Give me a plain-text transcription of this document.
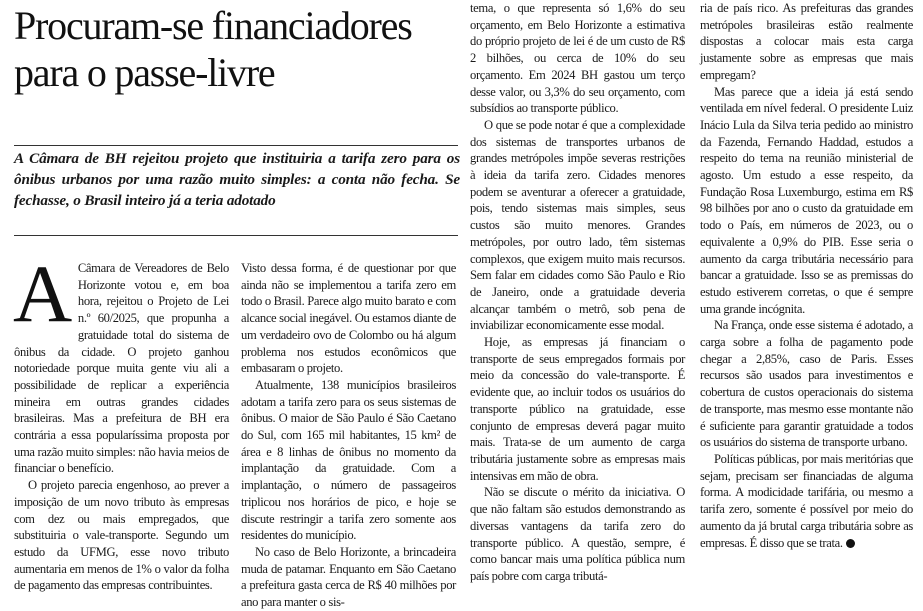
Procuram-se financiadores para o passe-livre

A Câmara de BH rejeitou projeto que instituiria a tarifa zero para os ônibus urbanos por uma razão muito simples: a conta não fecha. Se fechasse, o Brasil inteiro já a teria adotado

A Câmara de Vereadores de Belo Horizonte votou e, em boa hora, rejeitou o Projeto de Lei n.º 60/2025, que propunha a gratuidade total do sistema de ônibus da cidade. O projeto ganhou notoriedade porque muita gente viu ali a possibilidade de replicar a experiência mineira em outras grandes cidades brasileiras. Mas a prefeitura de BH era contrária a essa popularíssima proposta por uma razão muito simples: não havia meios de financiar o benefício.

O projeto parecia engenhoso, ao prever a imposição de um novo tributo às empresas com dez ou mais empregados, que substituiria o vale-transporte. Segundo um estudo da UFMG, esse novo tributo aumentaria em menos de 1% o valor da folha de pagamento das empresas contribuintes.

Visto dessa forma, é de questionar por que ainda não se implementou a tarifa zero em todo o Brasil. Parece algo muito barato e com alcance social inegável. Ou estamos diante de um verdadeiro ovo de Colombo ou há algum problema nos estudos econômicos que embasaram o projeto.

Atualmente, 138 municípios brasileiros adotam a tarifa zero para os seus sistemas de ônibus. O maior de São Paulo é São Caetano do Sul, com 165 mil habitantes, 15 km² de área e 8 linhas de ônibus no momento da implantação da gratuidade. Com a implantação, o número de passageiros triplicou nos horários de pico, e hoje se discute restringir a tarifa zero somente aos residentes do município.

No caso de Belo Horizonte, a brincadeira muda de patamar. Enquanto em São Caetano a prefeitura gasta cerca de R$ 40 milhões por ano para manter o sis-

tema, o que representa só 1,6% do seu orçamento, em Belo Horizonte a estimativa do próprio projeto de lei é de um custo de R$ 2 bilhões, ou cerca de 10% do seu orçamento. Em 2024 BH gastou um terço desse valor, ou 3,3% do seu orçamento, com subsídios ao transporte público.

O que se pode notar é que a complexidade dos sistemas de transportes urbanos de grandes metrópoles impõe severas restrições à ideia da tarifa zero. Cidades menores podem se aventurar a oferecer a gratuidade, pois, tendo sistemas mais simples, seus custos são muito menores. Grandes metrópoles, por outro lado, têm sistemas complexos, que exigem muito mais recursos. Sem falar em cidades como São Paulo e Rio de Janeiro, onde a gratuidade deveria alcançar também o metrô, sob pena de inviabilizar economicamente esse modal.

Hoje, as empresas já financiam o transporte de seus empregados formais por meio da concessão do vale-transporte. É evidente que, ao incluir todos os usuários do transporte público na gratuidade, esse conjunto de empresas deverá pagar muito mais. Trata-se de um aumento de carga tributária justamente sobre as empresas mais intensivas em mão de obra.

Não se discute o mérito da iniciativa. O que não faltam são estudos demonstrando as diversas vantagens da tarifa zero do transporte público. A questão, sempre, é como bancar mais uma política pública num país pobre com carga tributá-

ria de país rico. As prefeituras das grandes metrópoles brasileiras estão realmente dispostas a colocar mais esta carga justamente sobre as empresas que mais empregam?

Mas parece que a ideia já está sendo ventilada em nível federal. O presidente Luiz Inácio Lula da Silva teria pedido ao ministro da Fazenda, Fernando Haddad, estudos a respeito do tema na reunião ministerial de agosto. Um estudo a esse respeito, da Fundação Rosa Luxemburgo, estima em R$ 98 bilhões por ano o custo da gratuidade em todo o País, em números de 2023, ou o equivalente a 0,9% do PIB. Esse seria o aumento da carga tributária necessário para bancar a gratuidade. Isso se as premissas do estudo estiverem corretas, o que é sempre uma grande incógnita.

Na França, onde esse sistema é adotado, a carga sobre a folha de pagamento pode chegar a 2,85%, caso de Paris. Esses recursos são usados para investimentos e cobertura de custos operacionais do sistema de transporte, mas mesmo esse montante não é suficiente para garantir gratuidade a todos os usuários do sistema de transporte urbano.

Políticas públicas, por mais meritórias que sejam, precisam ser financiadas de alguma forma. A modicidade tarifária, ou mesmo a tarifa zero, somente é possível por meio do aumento da já brutal carga tributária sobre as empresas. É disso que se trata.
